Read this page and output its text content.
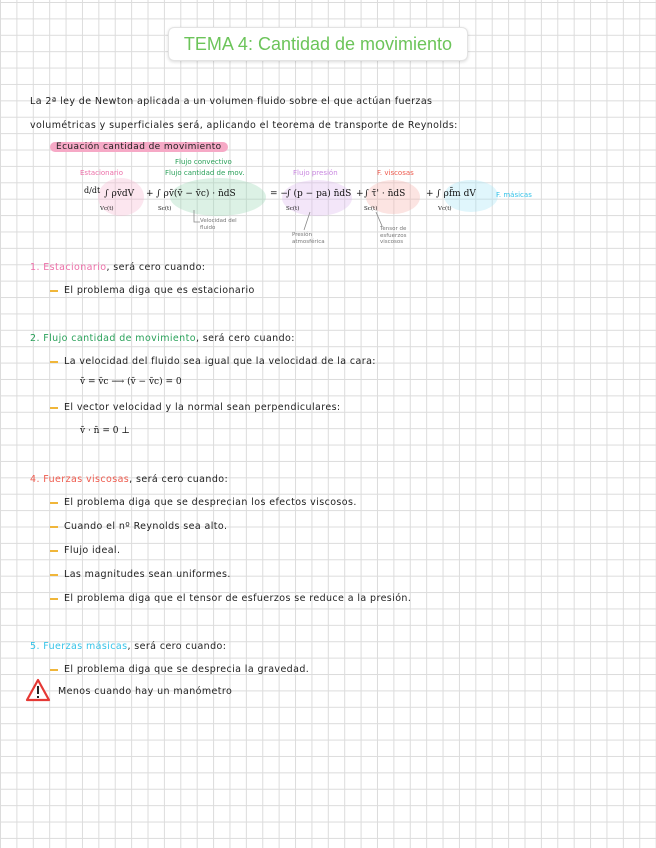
TEMA 4: Cantidad de movimiento
La 2ª ley de Newton aplicada a un volumen fluido sobre el que actúan fuerzas
volumétricas y superficiales será, aplicando el teorema de transporte de Reynolds:
Ecuación cantidad de movimiento
Flujo convectivo
Estacionario	Flujo cantidad de mov.	Flujo presión	F. viscosas
d/dt ∫ ρv̄dV
Vc(t)
+ ∫ ρv̄(v̄ − v̄c) · n̄dS
Sc(t)
= −
∫ (p − pa) n̄dS
Sc(t)
+ ∫ τ̄' · n̄dS
Sc(t)
+ ∫ ρf̄m dV
Vc(t)
F. másicas
Velocidad del fluido
Presión atmosférica
Tensor de esfuerzos viscosos
1. Estacionario, será cero cuando:
El problema diga que es estacionario
2. Flujo cantidad de movimiento, será cero cuando:
La velocidad del fluido sea igual que la velocidad de la cara:
v̄ = v̄c ⟶ (v̄ − v̄c) = 0
El vector velocidad y la normal sean perpendiculares:
v̄ · n̄ = 0 ⊥
4. Fuerzas viscosas, será cero cuando:
El problema diga que se desprecian los efectos viscosos.
Cuando el nº Reynolds sea alto.
Flujo ideal.
Las magnitudes sean uniformes.
El problema diga que el tensor de esfuerzos se reduce a la presión.
5. Fuerzas másicas, será cero cuando:
El problema diga que se desprecia la gravedad.
Menos cuando hay un manómetro
